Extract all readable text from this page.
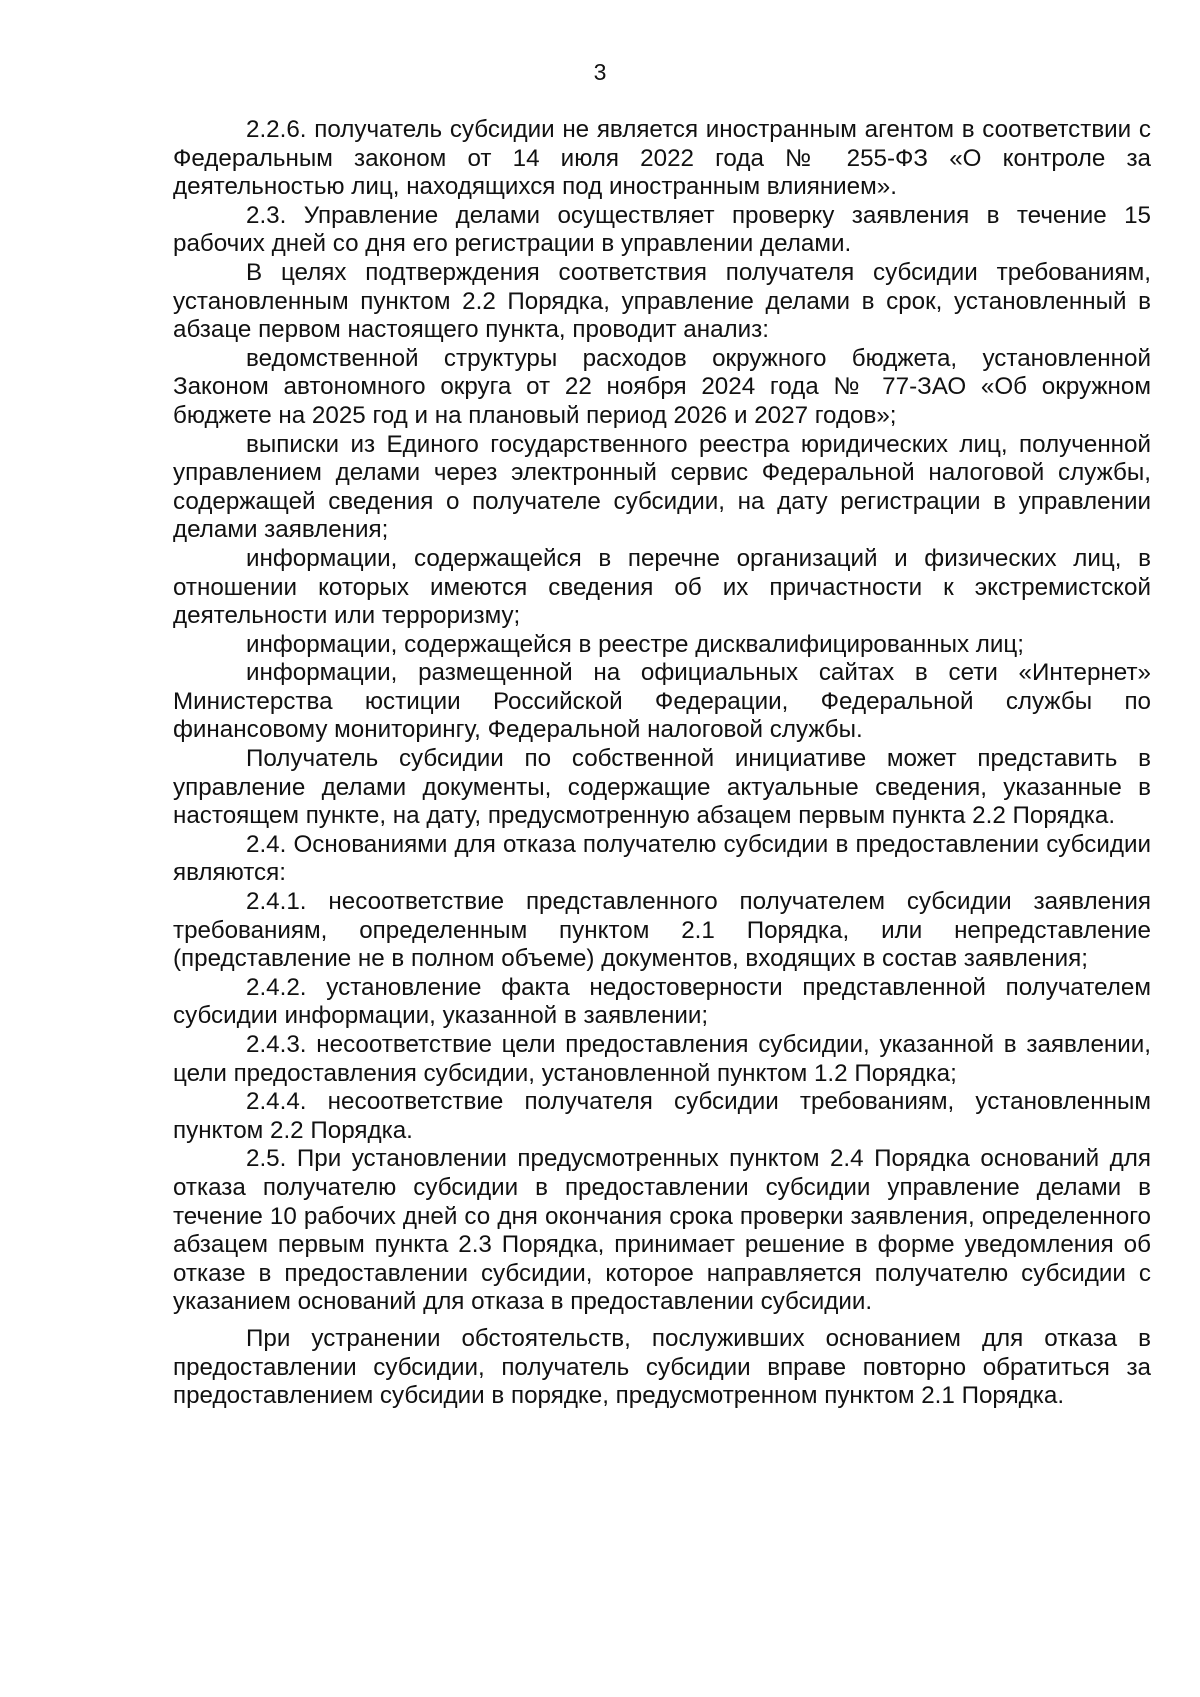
3

2.2.6. получатель субсидии не является иностранным агентом в соответствии с Федеральным законом от 14 июля 2022 года № 255-ФЗ «О контроле за деятельностью лиц, находящихся под иностранным влиянием».

2.3. Управление делами осуществляет проверку заявления в течение 15 рабочих дней со дня его регистрации в управлении делами.

В целях подтверждения соответствия получателя субсидии требованиям, установленным пунктом 2.2 Порядка, управление делами в срок, установленный в абзаце первом настоящего пункта, проводит анализ:

ведомственной структуры расходов окружного бюджета, установленной Законом автономного округа от 22 ноября 2024 года № 77-ЗАО «Об окружном бюджете на 2025 год и на плановый период 2026 и 2027 годов»;

выписки из Единого государственного реестра юридических лиц, полученной управлением делами через электронный сервис Федеральной налоговой службы, содержащей сведения о получателе субсидии, на дату регистрации в управлении делами заявления;

информации, содержащейся в перечне организаций и физических лиц, в отношении которых имеются сведения об их причастности к экстремистской деятельности или терроризму;

информации, содержащейся в реестре дисквалифицированных лиц;

информации, размещенной на официальных сайтах в сети «Интернет» Министерства юстиции Российской Федерации, Федеральной службы по финансовому мониторингу, Федеральной налоговой службы.

Получатель субсидии по собственной инициативе может представить в управление делами документы, содержащие актуальные сведения, указанные в настоящем пункте, на дату, предусмотренную абзацем первым пункта 2.2 Порядка.

2.4. Основаниями для отказа получателю субсидии в предоставлении субсидии являются:

2.4.1. несоответствие представленного получателем субсидии заявления требованиям, определенным пунктом 2.1 Порядка, или непредставление (представление не в полном объеме) документов, входящих в состав заявления;

2.4.2. установление факта недостоверности представленной получателем субсидии информации, указанной в заявлении;

2.4.3. несоответствие цели предоставления субсидии, указанной в заявлении, цели предоставления субсидии, установленной пунктом 1.2 Порядка;

2.4.4. несоответствие получателя субсидии требованиям, установленным пунктом 2.2 Порядка.

2.5. При установлении предусмотренных пунктом 2.4 Порядка оснований для отказа получателю субсидии в предоставлении субсидии управление делами в течение 10 рабочих дней со дня окончания срока проверки заявления, определенного абзацем первым пункта 2.3 Порядка, принимает решение в форме уведомления об отказе в предоставлении субсидии, которое направляется получателю субсидии с указанием оснований для отказа в предоставлении субсидии.

При устранении обстоятельств, послуживших основанием для отказа в предоставлении субсидии, получатель субсидии вправе повторно обратиться за предоставлением субсидии в порядке, предусмотренном пунктом 2.1 Порядка.
